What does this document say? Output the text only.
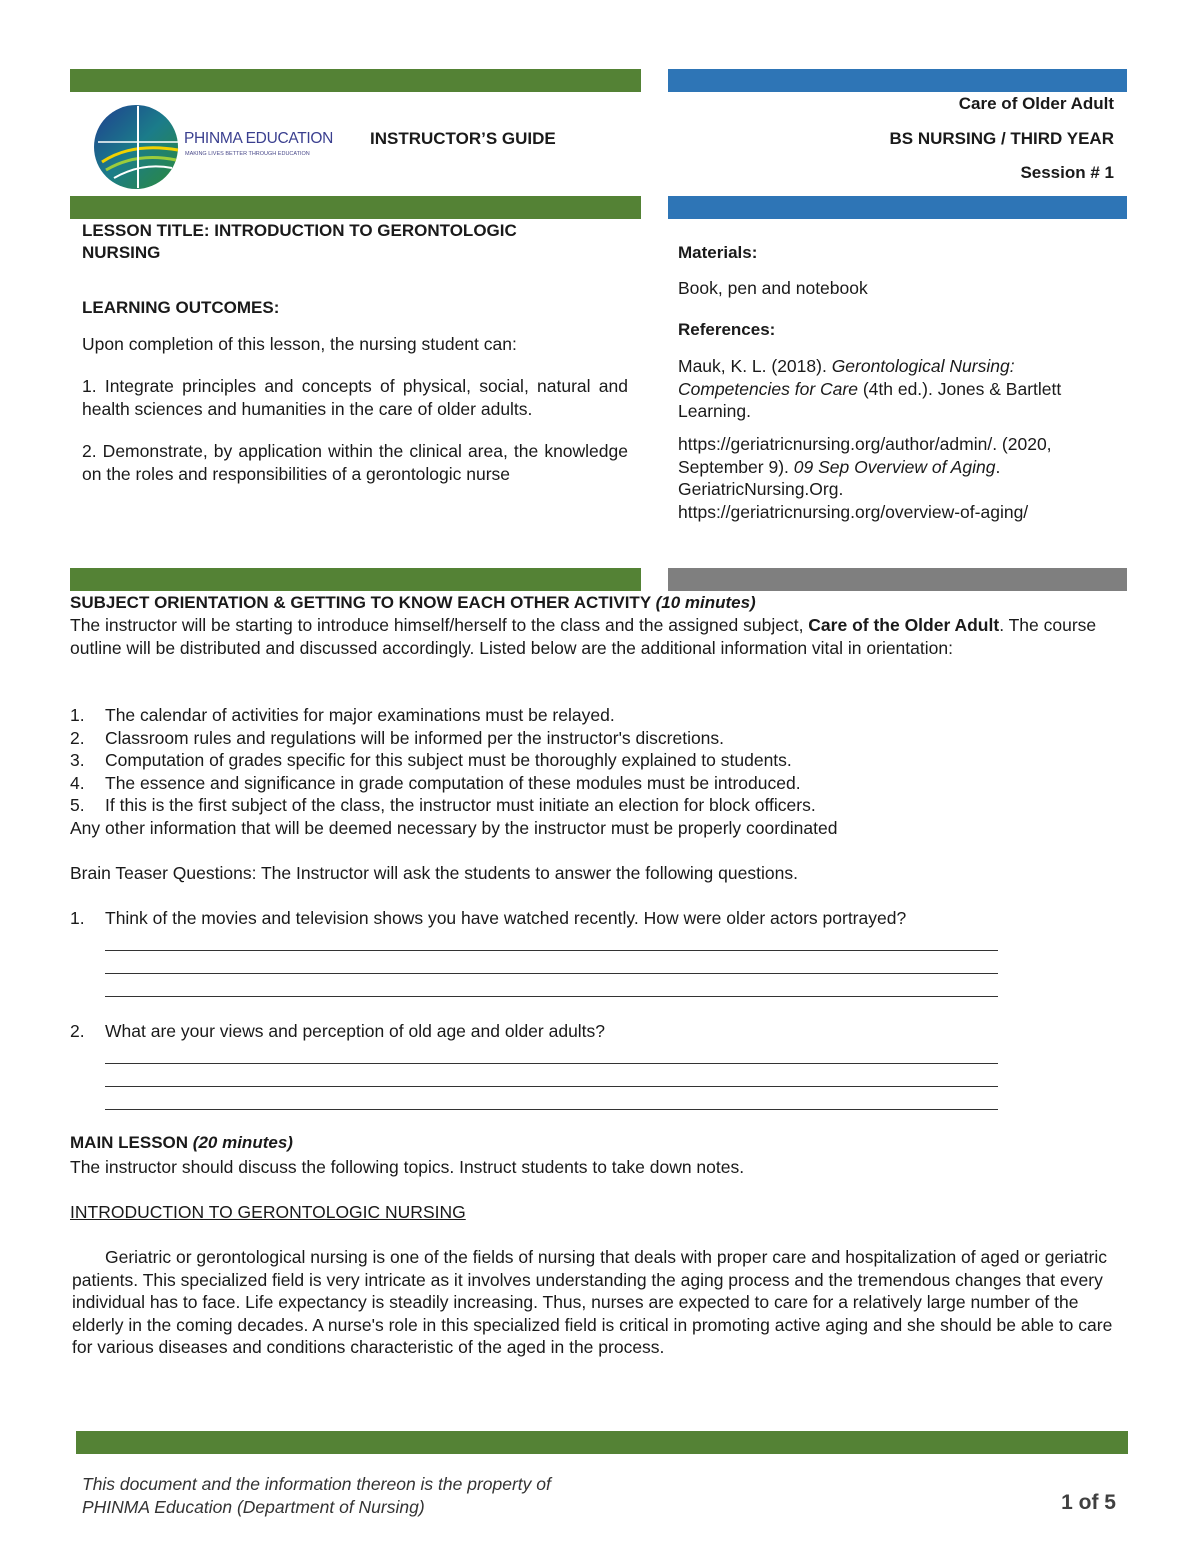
PHINMA EDUCATION
MAKING LIVES BETTER THROUGH EDUCATION
INSTRUCTOR’S GUIDE
Care of Older Adult
BS NURSING / THIRD YEAR
Session # 1
LESSON TITLE: INTRODUCTION TO GERONTOLOGIC
NURSING
LEARNING OUTCOMES:
Upon completion of this lesson, the nursing student can:
1. Integrate principles and concepts of physical, social, natural and health sciences and humanities in the care of older adults.
2. Demonstrate, by application within the clinical area, the knowledge on the roles and responsibilities of a gerontologic nurse
Materials:
Book, pen and notebook
References:
Mauk, K. L. (2018). Gerontological Nursing: Competencies for Care (4th ed.). Jones & Bartlett Learning.
https://geriatricnursing.org/author/admin/. (2020, September 9). 09 Sep Overview of Aging. GeriatricNursing.Org. https://geriatricnursing.org/overview-of-aging/
SUBJECT ORIENTATION & GETTING TO KNOW EACH OTHER ACTIVITY (10 minutes)
The instructor will be starting to introduce himself/herself to the class and the assigned subject, Care of the Older Adult. The course outline will be distributed and discussed accordingly. Listed below are the additional information vital in orientation:
1. The calendar of activities for major examinations must be relayed.
2. Classroom rules and regulations will be informed per the instructor's discretions.
3. Computation of grades specific for this subject must be thoroughly explained to students.
4. The essence and significance in grade computation of these modules must be introduced.
5. If this is the first subject of the class, the instructor must initiate an election for block officers.
Any other information that will be deemed necessary by the instructor must be properly coordinated
Brain Teaser Questions: The Instructor will ask the students to answer the following questions.
1. Think of the movies and television shows you have watched recently. How were older actors portrayed?
2. What are your views and perception of old age and older adults?
MAIN LESSON (20 minutes)
The instructor should discuss the following topics. Instruct students to take down notes.
INTRODUCTION TO GERONTOLOGIC NURSING
Geriatric or gerontological nursing is one of the fields of nursing that deals with proper care and hospitalization of aged or geriatric patients. This specialized field is very intricate as it involves understanding the aging process and the tremendous changes that every individual has to face. Life expectancy is steadily increasing. Thus, nurses are expected to care for a relatively large number of the elderly in the coming decades. A nurse's role in this specialized field is critical in promoting active aging and she should be able to care for various diseases and conditions characteristic of the aged in the process.
This document and the information thereon is the property of
PHINMA Education (Department of Nursing)	1 of 5
